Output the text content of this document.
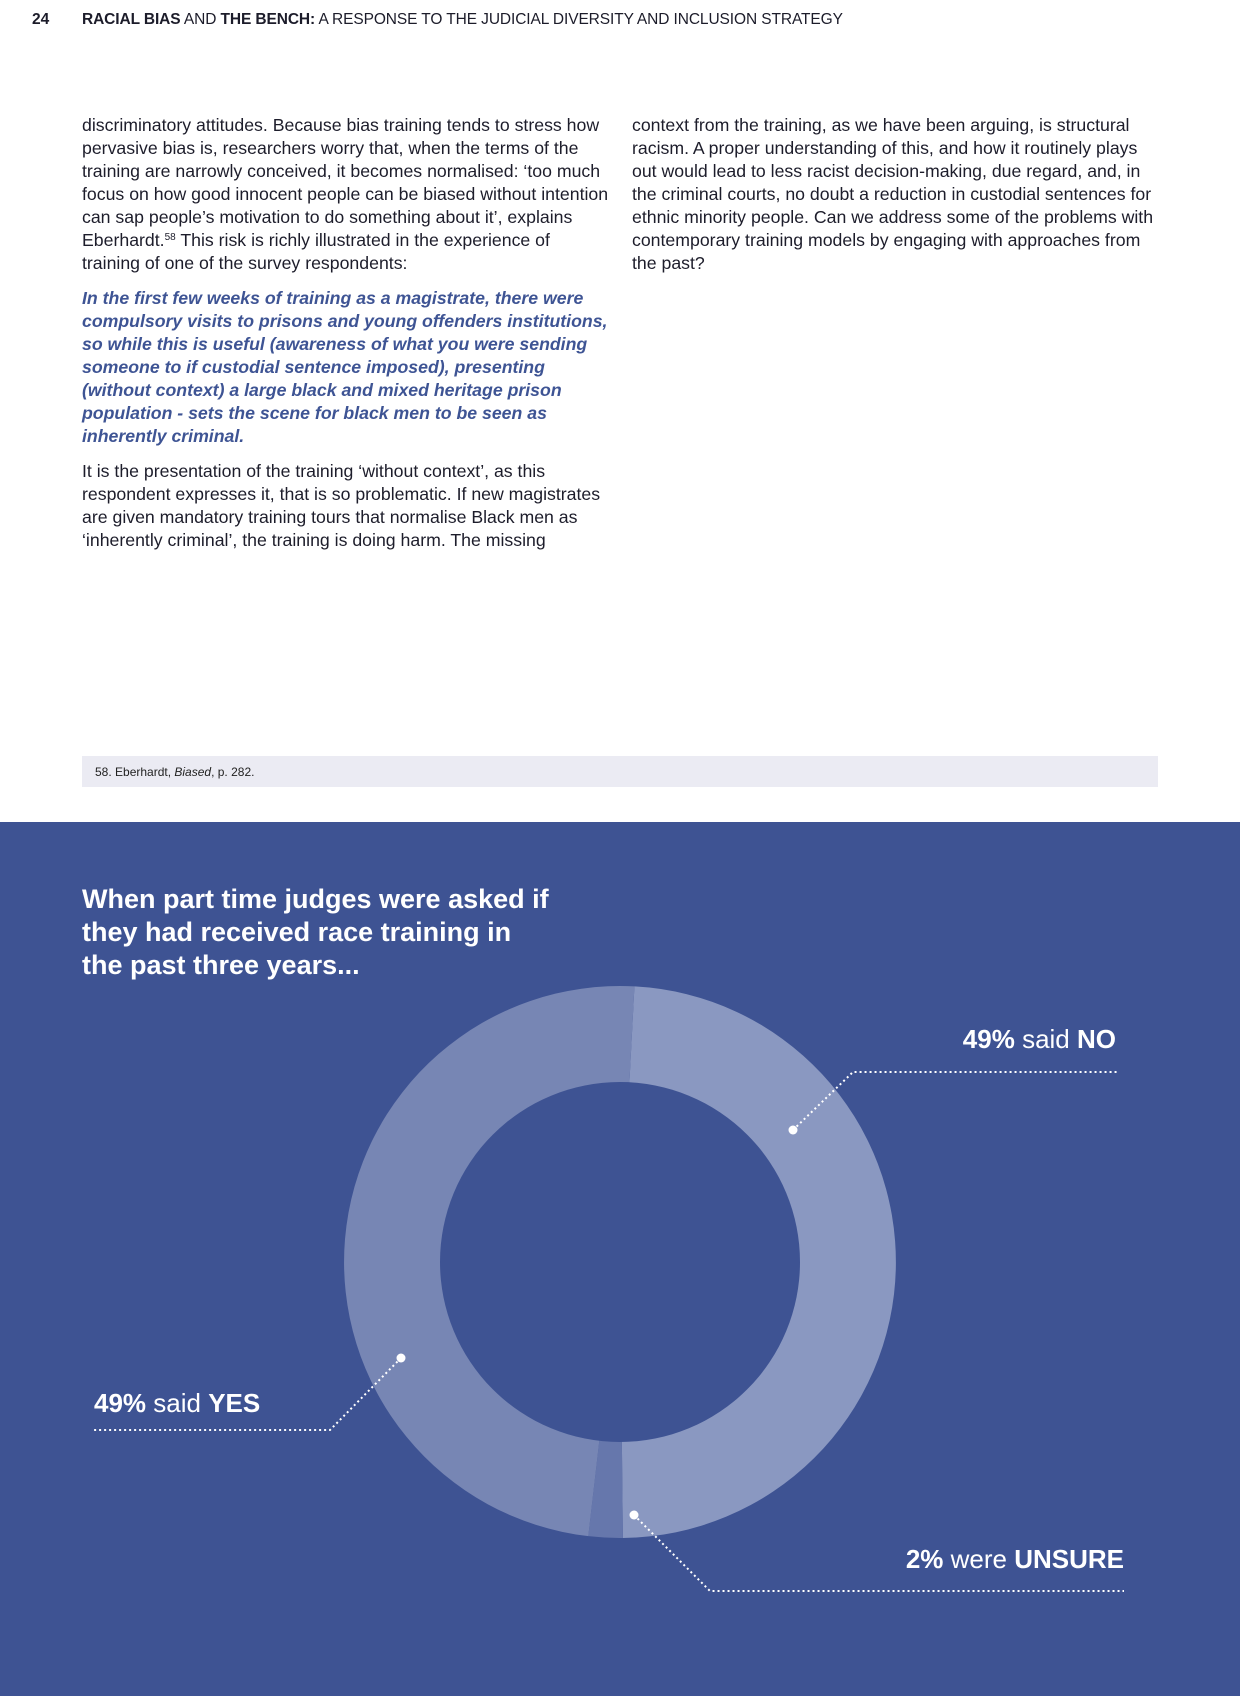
24 RACIAL BIAS AND THE BENCH: A RESPONSE TO THE JUDICIAL DIVERSITY AND INCLUSION STRATEGY

discriminatory attitudes. Because bias training tends to stress how pervasive bias is, researchers worry that, when the terms of the training are narrowly conceived, it becomes normalised: ‘too much focus on how good innocent people can be biased without intention can sap people’s motivation to do something about it’, explains Eberhardt.$^{58}$ This risk is richly illustrated in the experience of training of one of the survey respondents:

In the first few weeks of training as a magistrate, there were compulsory visits to prisons and young offenders institutions, so while this is useful (awareness of what you were sending someone to if custodial sentence imposed), presenting (without context) a large black and mixed heritage prison population - sets the scene for black men to be seen as inherently criminal.

It is the presentation of the training ‘without context’, as this respondent expresses it, that is so problematic. If new magistrates are given mandatory training tours that normalise Black men as ‘inherently criminal’, the training is doing harm. The missing

context from the training, as we have been arguing, is structural racism. A proper understanding of this, and how it routinely plays out would lead to less racist decision-making, due regard, and, in the criminal courts, no doubt a reduction in custodial sentences for ethnic minority people. Can we address some of the problems with contemporary training models by engaging with approaches from the past?

58. Eberhardt, Biased, p. 282.
When part time judges were asked if they had received race training in the past three years...
49% said NO
49% said YES
2% were UNSURE
